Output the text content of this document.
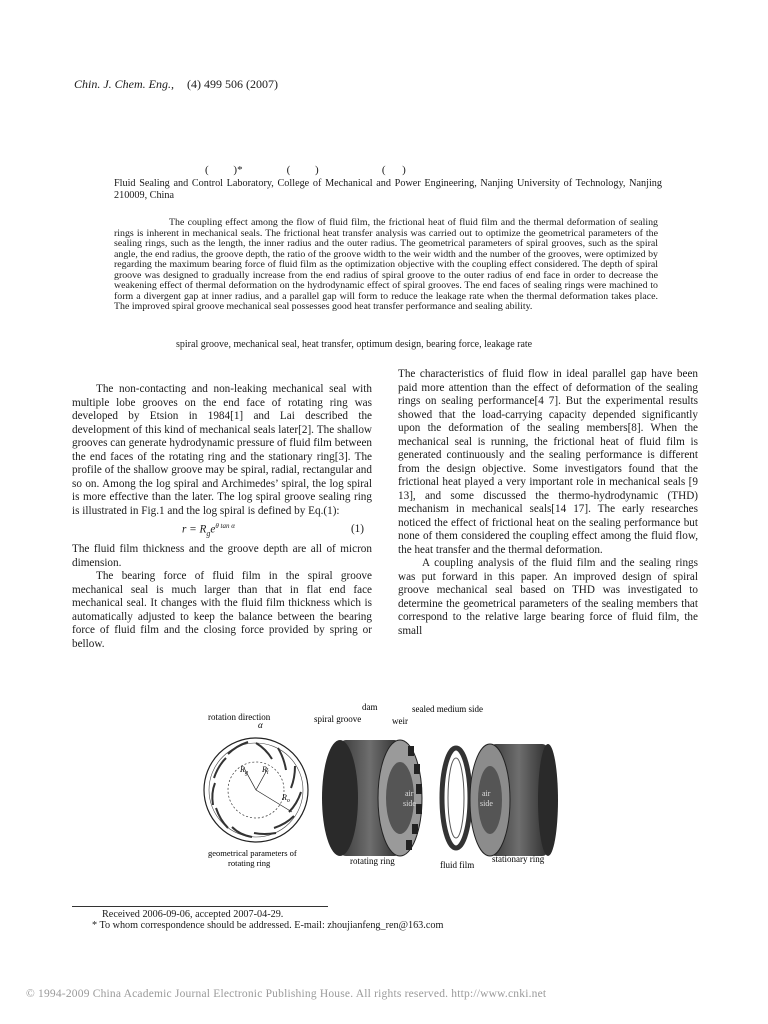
Chin. J. Chem. Eng., (4) 499 506 (2007)
(         )*                (         )                       (      )
Fluid Sealing and Control Laboratory, College of Mechanical and Power Engineering, Nanjing University of Technology, Nanjing 210009, China
The coupling effect among the flow of fluid film, the frictional heat of fluid film and the thermal deformation of sealing rings is inherent in mechanical seals. The frictional heat transfer analysis was carried out to optimize the geometrical parameters of the sealing rings, such as the length, the inner radius and the outer radius. The geometrical parameters of spiral grooves, such as the spiral angle, the end radius, the groove depth, the ratio of the groove width to the weir width and the number of the grooves, were optimized by regarding the maximum bearing force of fluid film as the optimization objective with the coupling effect considered. The depth of spiral groove was designed to gradually increase from the end radius of spiral groove to the outer radius of end face in order to decrease the weakening effect of thermal deformation on the hydrodynamic effect of spiral grooves. The end faces of sealing rings were machined to form a divergent gap at inner radius, and a parallel gap will form to reduce the leakage rate when the thermal deformation takes place. The improved spiral groove mechanical seal possesses good heat transfer performance and sealing ability.
spiral groove, mechanical seal, heat transfer, optimum design, bearing force, leakage rate

The non-contacting and non-leaking mechanical seal with multiple lobe grooves on the end face of rotating ring was developed by Etsion in 1984[1] and Lai described the development of this kind of mechanical seals later[2]. The shallow grooves can generate hydrodynamic pressure of fluid film between the end faces of the rotating ring and the stationary ring[3]. The profile of the shallow groove may be spiral, radial, rectangular and so on. Among the log spiral and Archimedes’ spiral, the log spiral is more effective than the later. The log spiral groove sealing ring is illustrated in Fig.1 and the log spiral is defined by Eq.(1):

$r = R_ge^{\theta tan \alpha}$	(1)

The fluid film thickness and the groove depth are all of micron dimension.

The bearing force of fluid film in the spiral groove mechanical seal is much larger than that in flat end face mechanical seal. It changes with the fluid film thickness which is automatically adjusted to keep the balance between the bearing force of fluid film and the closing force provided by spring or bellow.

The characteristics of fluid flow in ideal parallel gap have been paid more attention than the effect of deformation of the sealing rings on sealing performance[4 7]. But the experimental results showed that the load-carrying capacity depended significantly upon the deformation of the sealing members[8]. When the mechanical seal is running, the frictional heat of fluid film is generated continuously and the sealing performance is different from the design objective. Some investigators found that the frictional heat played a very important role in mechanical seals [9 13], and some discussed the thermo-hydrodynamic (THD) mechanism in mechanical seals[14 17]. The early researches noticed the effect of frictional heat on the sealing performance but none of them considered the coupling effect among the fluid flow, the heat transfer and the thermal deformation.

A coupling analysis of the fluid film and the sealing rings was put forward in this paper. An improved design of spiral groove mechanical seal based on THD was investigated to determine the geometrical parameters of the sealing members that correspond to the relative large bearing force of fluid film, the small

rotation direction
α
$R_g$ $R_i$
$R_o$
geometrical parameters of
rotating ring
air
side
air
side
dam
spiral groove	weir
sealed medium side
rotating ring	fluid film
stationary ring
Received 2006-09-06, accepted 2007-04-29.
* To whom correspondence should be addressed. E-mail: zhoujianfeng_ren@163.com
© 1994-2009 China Academic Journal Electronic Publishing House. All rights reserved. http://www.cnki.net
